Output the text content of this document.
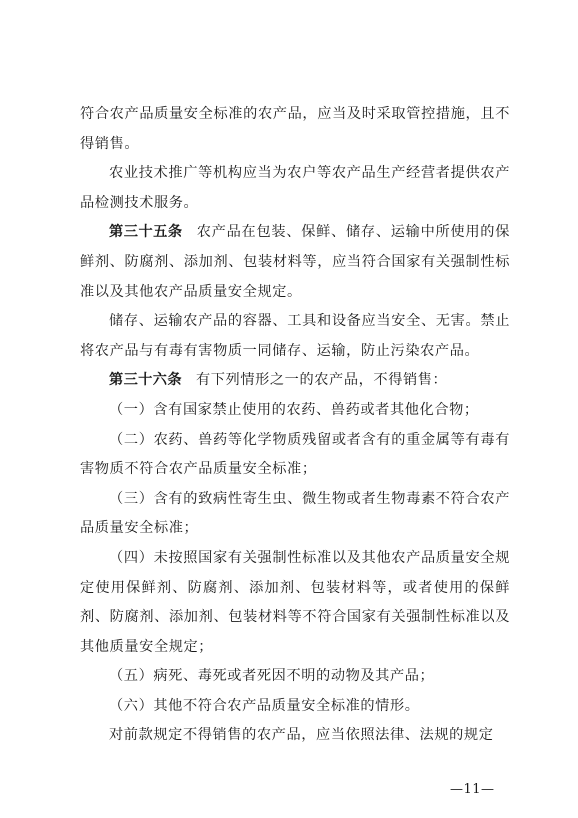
符合农产品质量安全标准的农产品，应当及时采取管控措施，且不得销售。

农业技术推广等机构应当为农户等农产品生产经营者提供农产品检测技术服务。

第三十五条 农产品在包装、保鲜、储存、运输中所使用的保鲜剂、防腐剂、添加剂、包装材料等，应当符合国家有关强制性标准以及其他农产品质量安全规定。

储存、运输农产品的容器、工具和设备应当安全、无害。禁止将农产品与有毒有害物质一同储存、运输，防止污染农产品。

第三十六条 有下列情形之一的农产品，不得销售：

（一）含有国家禁止使用的农药、兽药或者其他化合物；

（二）农药、兽药等化学物质残留或者含有的重金属等有毒有害物质不符合农产品质量安全标准；

（三）含有的致病性寄生虫、微生物或者生物毒素不符合农产品质量安全标准；

（四）未按照国家有关强制性标准以及其他农产品质量安全规定使用保鲜剂、防腐剂、添加剂、包装材料等，或者使用的保鲜剂、防腐剂、添加剂、包装材料等不符合国家有关强制性标准以及其他质量安全规定；

（五）病死、毒死或者死因不明的动物及其产品；

（六）其他不符合农产品质量安全标准的情形。

对前款规定不得销售的农产品，应当依照法律、法规的规定

—11—
